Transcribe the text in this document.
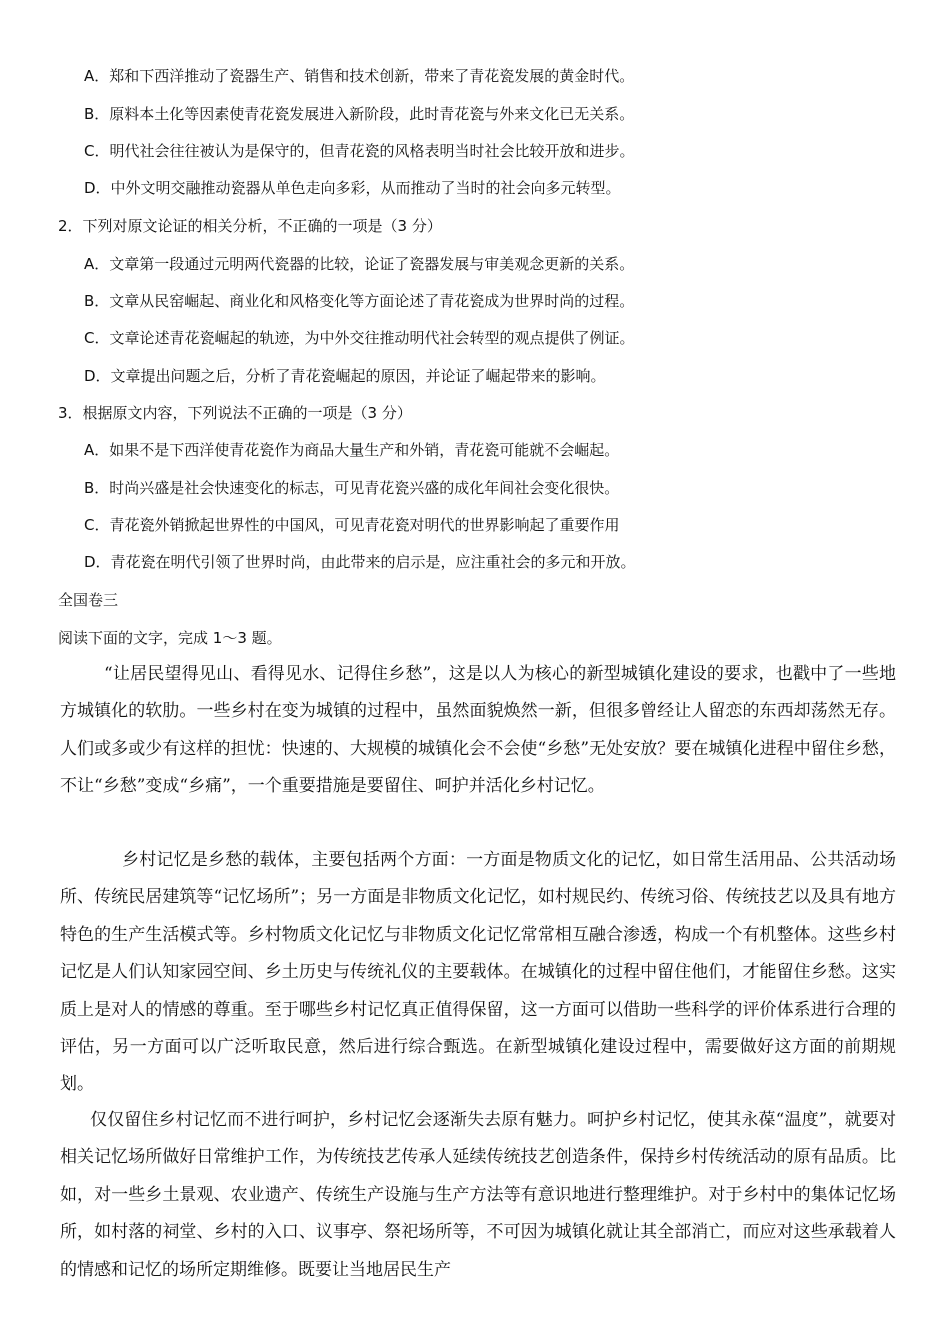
A．郑和下西洋推动了瓷器生产、销售和技术创新，带来了青花瓷发展的黄金时代。
B．原料本土化等因素使青花瓷发展进入新阶段，此时青花瓷与外来文化已无关系。
C．明代社会往往被认为是保守的，但青花瓷的风格表明当时社会比较开放和进步。
D．中外文明交融推动瓷器从单色走向多彩，从而推动了当时的社会向多元转型。
2．下列对原文论证的相关分析，不正确的一项是（3 分）
A．文章第一段通过元明两代瓷器的比较，论证了瓷器发展与审美观念更新的关系。
B．文章从民窑崛起、商业化和风格变化等方面论述了青花瓷成为世界时尚的过程。
C．文章论述青花瓷崛起的轨迹，为中外交往推动明代社会转型的观点提供了例证。
D．文章提出问题之后，分析了青花瓷崛起的原因，并论证了崛起带来的影响。
3．根据原文内容，下列说法不正确的一项是（3 分）
A．如果不是下西洋使青花瓷作为商品大量生产和外销，青花瓷可能就不会崛起。
B．时尚兴盛是社会快速变化的标志，可见青花瓷兴盛的成化年间社会变化很快。
C．青花瓷外销掀起世界性的中国风，可见青花瓷对明代的世界影响起了重要作用
D．青花瓷在明代引领了世界时尚，由此带来的启示是，应注重社会的多元和开放。
全国卷三
阅读下面的文字，完成 1～3 题。

“让居民望得见山、看得见水、记得住乡愁”，这是以人为核心的新型城镇化建设的要求，也戳中了一些地方城镇化的软肋。一些乡村在变为城镇的过程中，虽然面貌焕然一新，但很多曾经让人留恋的东西却荡然无存。人们或多或少有这样的担忧：快速的、大规模的城镇化会不会使“乡愁”无处安放？要在城镇化进程中留住乡愁，不让“乡愁”变成“乡痛”，一个重要措施是要留住、呵护并活化乡村记忆。

乡村记忆是乡愁的载体，主要包括两个方面：一方面是物质文化的记忆，如日常生活用品、公共活动场所、传统民居建筑等“记忆场所”；另一方面是非物质文化记忆，如村规民约、传统习俗、传统技艺以及具有地方特色的生产生活模式等。乡村物质文化记忆与非物质文化记忆常常相互融合渗透，构成一个有机整体。这些乡村记忆是人们认知家园空间、乡土历史与传统礼仪的主要载体。在城镇化的过程中留住他们，才能留住乡愁。这实质上是对人的情感的尊重。至于哪些乡村记忆真正值得保留，这一方面可以借助一些科学的评价体系进行合理的评估，另一方面可以广泛听取民意，然后进行综合甄选。在新型城镇化建设过程中，需要做好这方面的前期规划。

仅仅留住乡村记忆而不进行呵护，乡村记忆会逐渐失去原有魅力。呵护乡村记忆，使其永葆“温度”，就要对相关记忆场所做好日常维护工作，为传统技艺传承人延续传统技艺创造条件，保持乡村传统活动的原有品质。比如，对一些乡土景观、农业遗产、传统生产设施与生产方法等有意识地进行整理维护。对于乡村中的集体记忆场所，如村落的祠堂、乡村的入口、议事亭、祭祀场所等，不可因为城镇化就让其全部消亡，而应对这些承载着人的情感和记忆的场所定期维修。既要让当地居民生产
